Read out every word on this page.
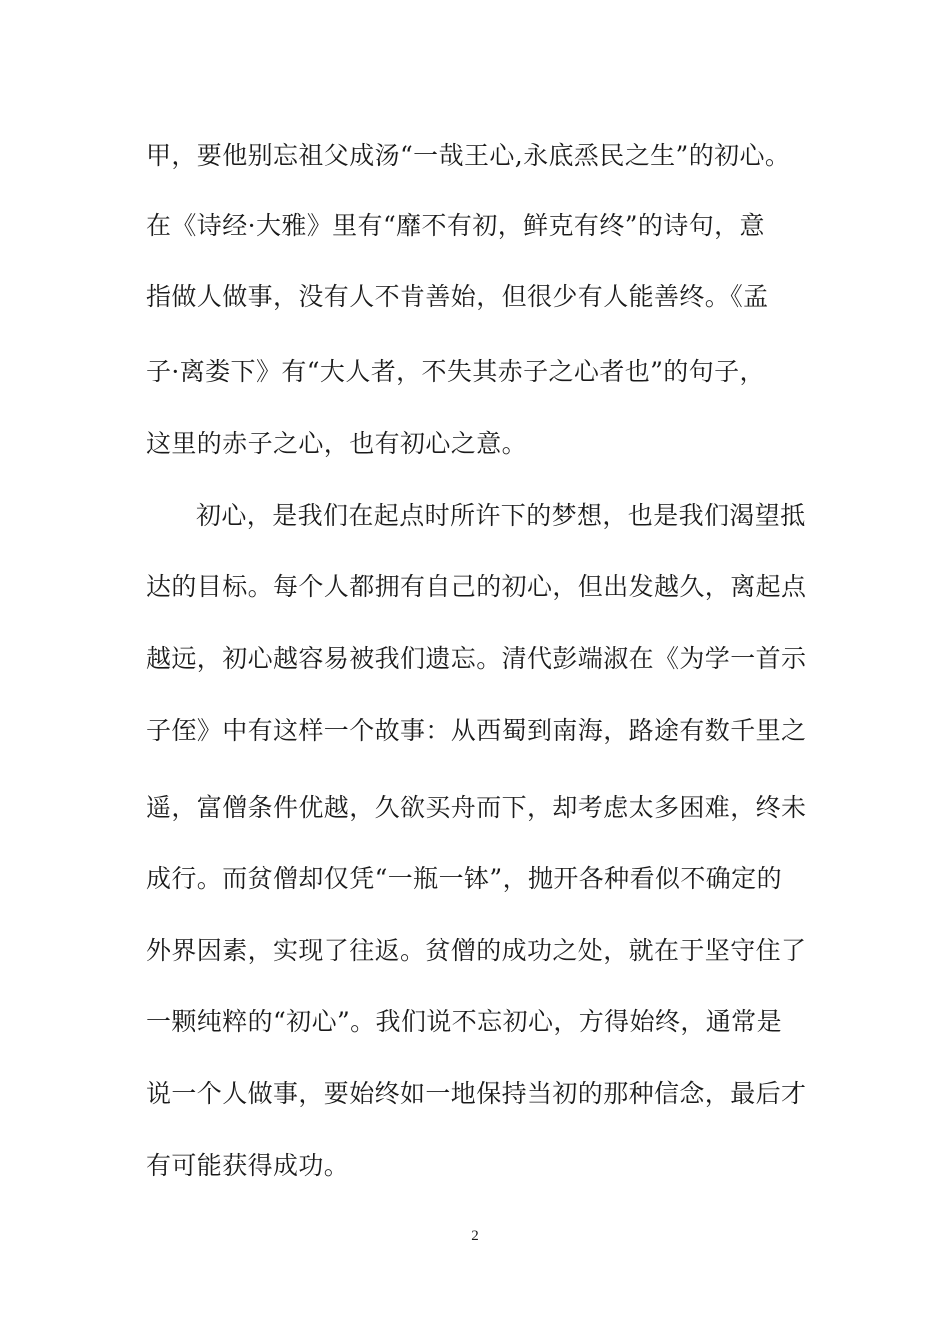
甲，要他别忘祖父成汤“一哉王心,永底烝民之生”的初心。
在《诗经·大雅》里有“靡不有初，鲜克有终”的诗句，意
指做人做事，没有人不肯善始，但很少有人能善终。《孟
子·离娄下》有“大人者，不失其赤子之心者也”的句子，
这里的赤子之心，也有初心之意。
初心，是我们在起点时所许下的梦想，也是我们渴望抵
达的目标。每个人都拥有自己的初心，但出发越久，离起点
越远，初心越容易被我们遗忘。清代彭端淑在《为学一首示
子侄》中有这样一个故事：从西蜀到南海，路途有数千里之
遥，富僧条件优越，久欲买舟而下，却考虑太多困难，终未
成行。而贫僧却仅凭“一瓶一钵”，抛开各种看似不确定的
外界因素，实现了往返。贫僧的成功之处，就在于坚守住了
一颗纯粹的“初心”。我们说不忘初心，方得始终，通常是
说一个人做事，要始终如一地保持当初的那种信念，最后才
有可能获得成功。
2
